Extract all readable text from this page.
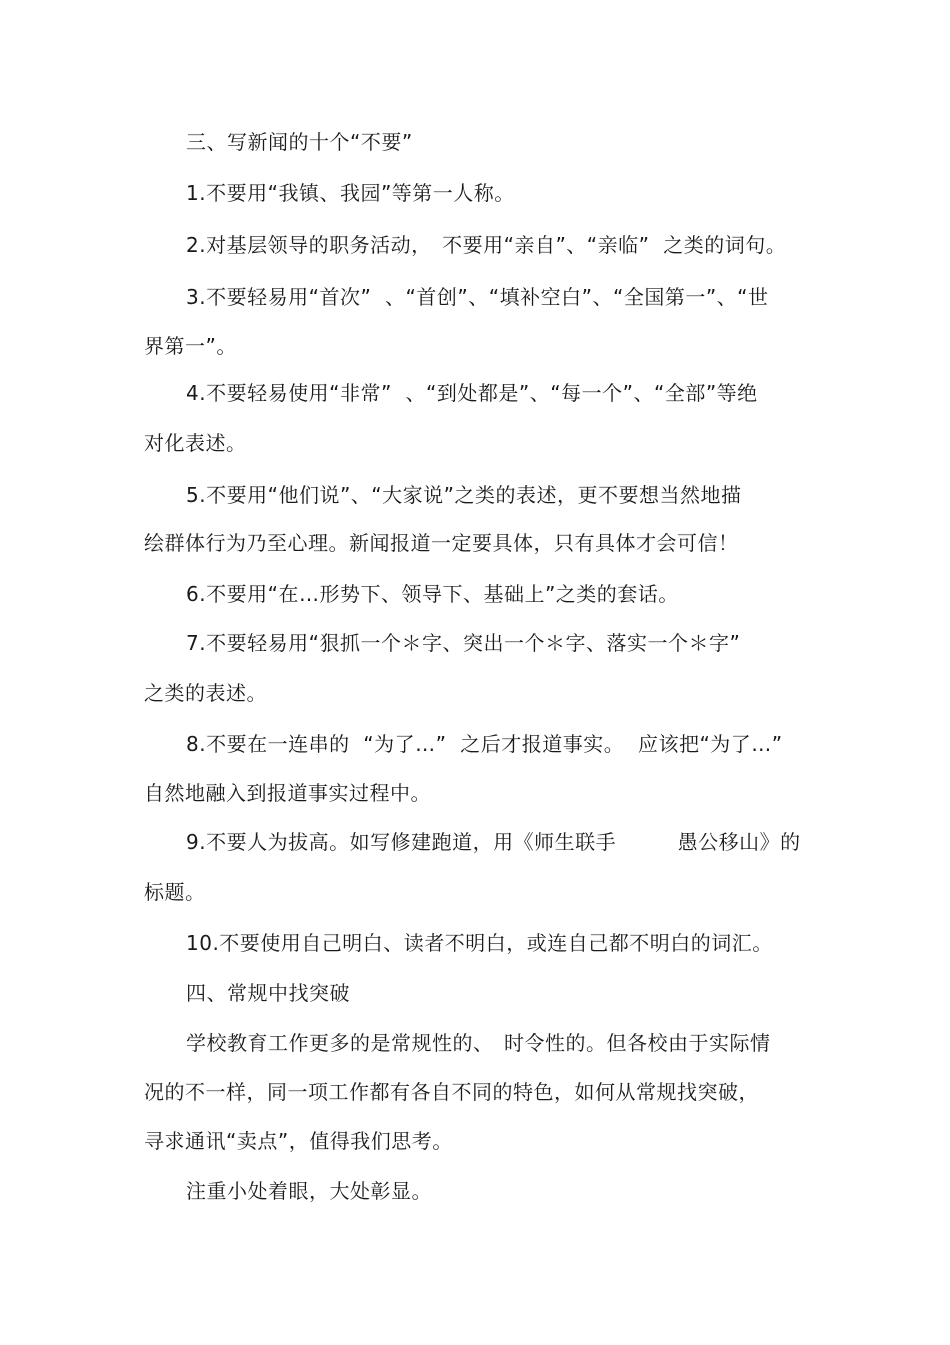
三、写新闻的十个“不要”
1.不要用“我镇、我园”等第一人称。
2.对基层领导的职务活动，　不要用“亲自”、“亲临”  之类的词句。
3.不要轻易用“首次”  、“首创”、“填补空白”、“全国第一”、“世
界第一”。
4.不要轻易使用“非常”  、“到处都是”、“每一个”、“全部”等绝
对化表述。
5.不要用“他们说”、“大家说”之类的表述，更不要想当然地描
绘群体行为乃至心理。新闻报道一定要具体，只有具体才会可信！
6.不要用“在…形势下、领导下、基础上”之类的套话。
7.不要轻易用“狠抓一个＊字、突出一个＊字、落实一个＊字”
之类的表述。
8.不要在一连串的  “为了…”  之后才报道事实。  应该把“为了…”
自然地融入到报道事实过程中。
9.不要人为拔高。如写修建跑道，用《师生联手　　　愚公移山》的
标题。
10.不要使用自己明白、读者不明白，或连自己都不明白的词汇。
四、常规中找突破
学校教育工作更多的是常规性的、　时令性的。但各校由于实际情
况的不一样，同一项工作都有各自不同的特色，如何从常规找突破，
寻求通讯“卖点”，值得我们思考。
注重小处着眼，大处彰显。
